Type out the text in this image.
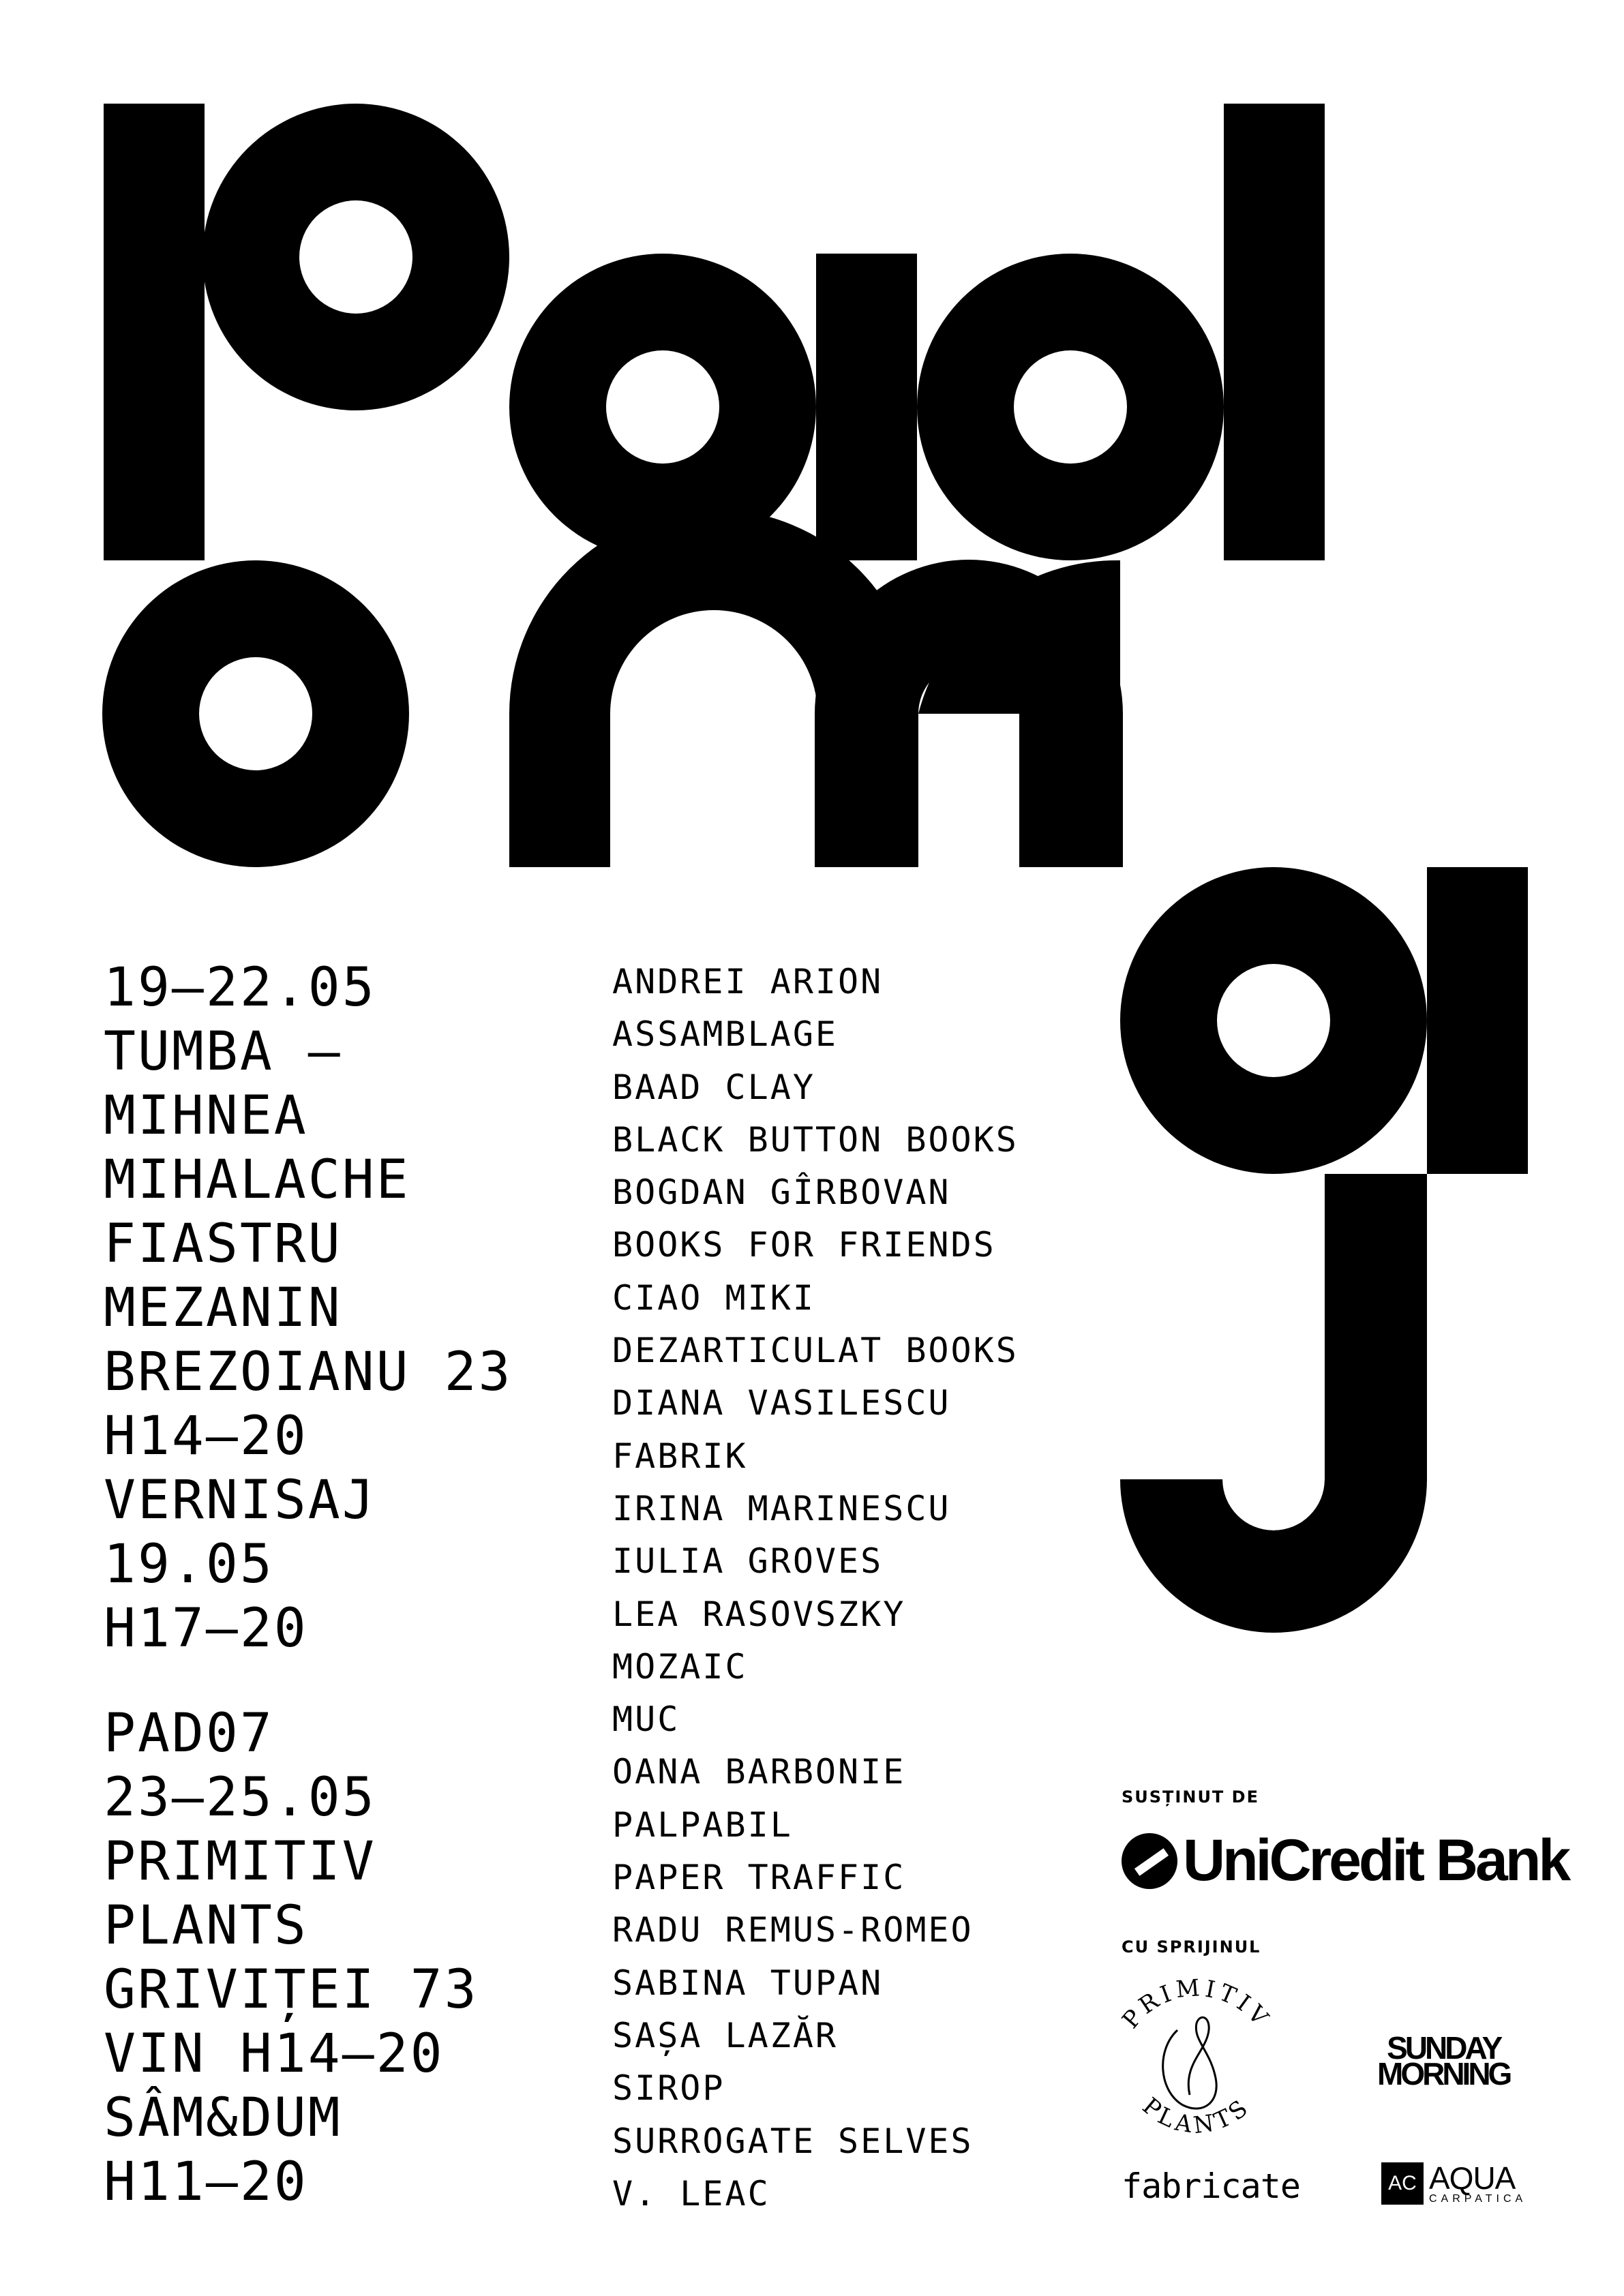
19–22.05
TUMBA –
MIHNEA
MIHALACHE
FIASTRU
MEZANIN
BREZOIANU 23
H14–20
VERNISAJ
19.05
H17–20
PAD07
23–25.05
PRIMITIV
PLANTS
GRIVIȚEI 73
VIN H14–20
SÂM&DUM
H11–20
ANDREI ARION
ASSAMBLAGE
BAAD CLAY
BLACK BUTTON BOOKS
BOGDAN GÎRBOVAN
BOOKS FOR FRIENDS
CIAO MIKI
DEZARTICULAT BOOKS
DIANA VASILESCU
FABRIK
IRINA MARINESCU
IULIA GROVES
LEA RASOVSZKY
MOZAIC
MUC
OANA BARBONIE
PALPABIL
PAPER TRAFFIC
RADU REMUS-ROMEO
SABINA TUPAN
SAȘA LAZĂR
SIROP
SURROGATE SELVES
V. LEAC
SUSȚINUT DE
UniCredit Bank
CU SPRIJINUL
PRIMITIV
PLANTS
SUNDAY
MORNING
fabricate	AC AQUA
CARPATICA
